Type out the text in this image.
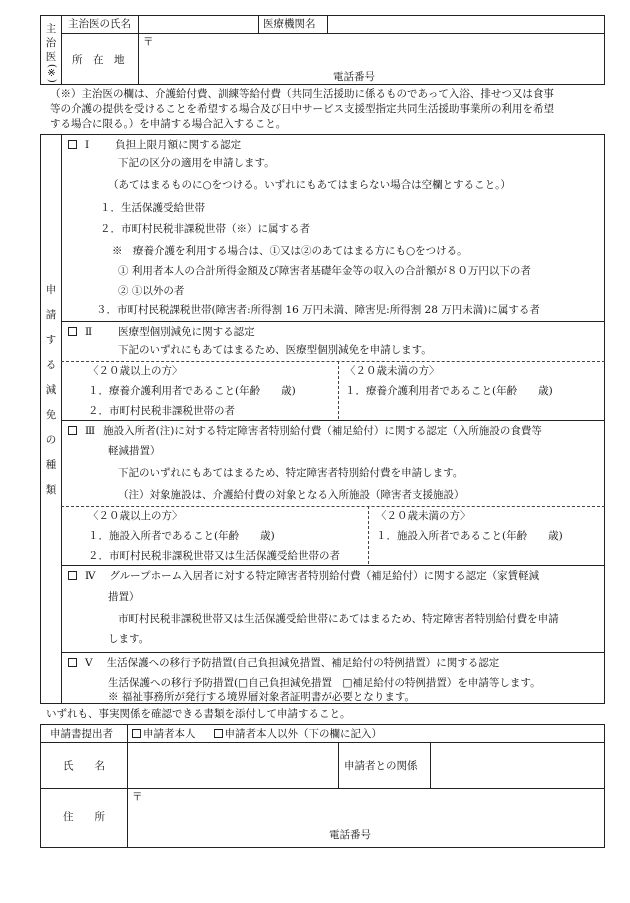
主
治
医
(※)
主治医の氏名	医療機関名
所　在　地
〒
電話番号
（※）主治医の欄は、介護給付費、訓練等給付費（共同生活援助に係るものであって入浴、排せつ又は食事
等の介護の提供を受けることを希望する場合及び日中サービス支援型指定共同生活援助事業所の利用を希望
する場合に限る。）を申請する場合記入すること。
申
請
す
る
減
免
の
種
類
Ⅰ 負担上限月額に関する認定
下記の区分の適用を申請します。
（あてはまるものに○をつける。いずれにもあてはまらない場合は空欄とすること。）
１．生活保護受給世帯
２．市町村民税非課税世帯（※）に属する者
※　療養介護を利用する場合は、①又は②のあてはまる方にも○をつける。
① 利用者本人の合計所得金額及び障害者基礎年金等の収入の合計額が８０万円以下の者
② ①以外の者
３．市町村民税課税世帯(障害者:所得割 16 万円未満、障害児:所得割 28 万円未満)に属する者
Ⅱ 医療型個別減免に関する認定
下記のいずれにもあてはまるため、医療型個別減免を申請します。
〈２０歳以上の方〉
１．療養介護利用者であること(年齢　　歳)
２．市町村民税非課税世帯の者
〈２０歳未満の方〉
１．療養介護利用者であること(年齢　　歳)
Ⅲ 施設入所者(注)に対する特定障害者特別給付費（補足給付）に関する認定（入所施設の食費等
軽減措置）
下記のいずれにもあてはまるため、特定障害者特別給付費を申請します。
（注）対象施設は、介護給付費の対象となる入所施設（障害者支援施設）
〈２０歳以上の方〉
１．施設入所者であること(年齢　　歳)
２．市町村民税非課税世帯又は生活保護受給世帯の者
〈２０歳未満の方〉
１．施設入所者であること(年齢　　歳)
Ⅳ グループホーム入居者に対する特定障害者特別給付費（補足給付）に関する認定（家賃軽減
措置）
市町村民税非課税世帯又は生活保護受給世帯にあてはまるため、特定障害者特別給付費を申請
します。
Ⅴ 生活保護への移行予防措置(自己負担減免措置、補足給付の特例措置）に関する認定
生活保護への移行予防措置(□自己負担減免措置　□補足給付の特例措置）を申請等します。
※ 福祉事務所が発行する境界層対象者証明書が必要となります。
いずれも、事実関係を確認できる書類を添付して申請すること。
申請書提出者	申請者本人	申請者本人以外（下の欄に記入）
氏　　名	申請者との関係
住　　所
〒
電話番号
